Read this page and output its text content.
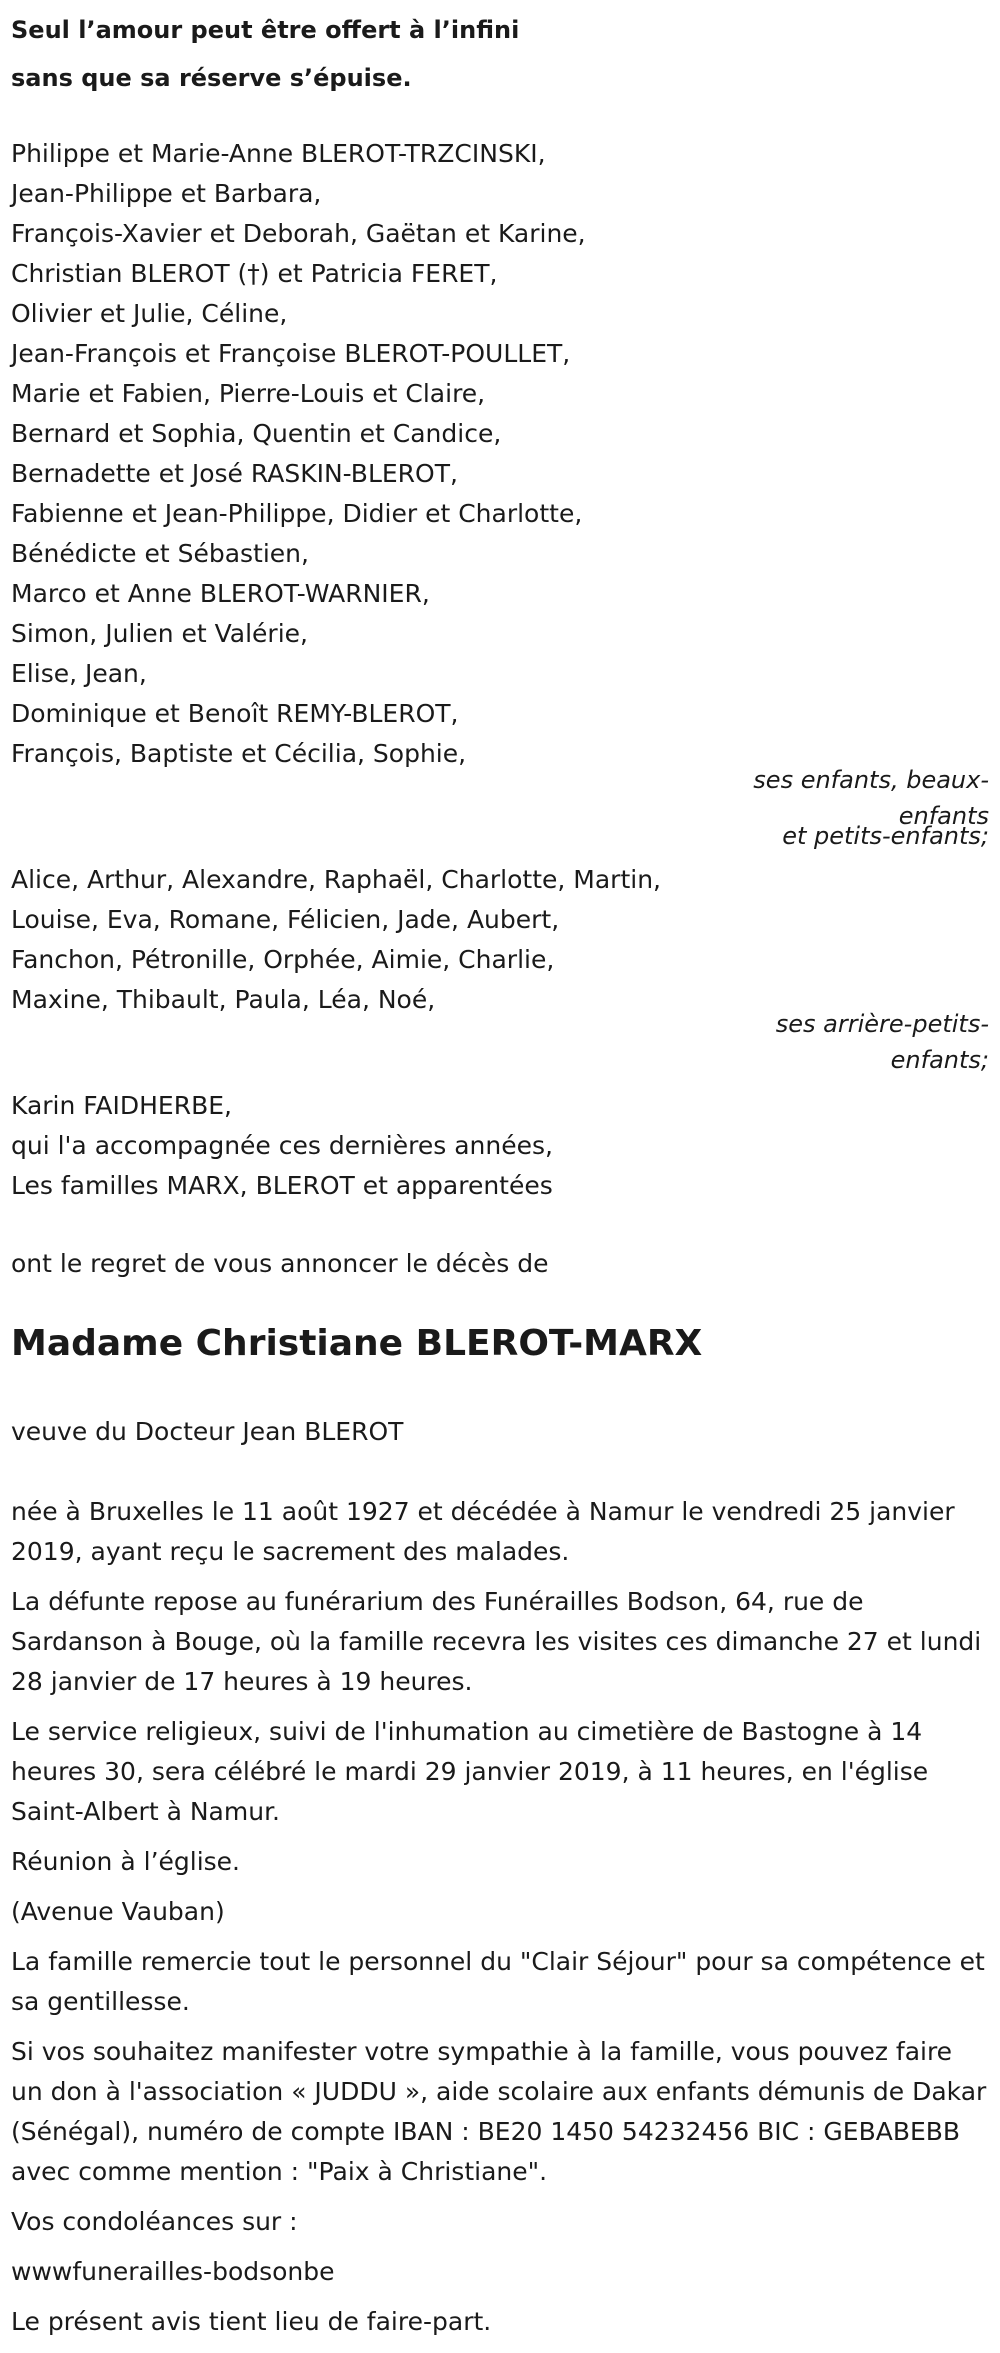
Seul l’amour peut être offert à l’infini
sans que sa réserve s’épuise.
Philippe et Marie-Anne BLEROT-TRZCINSKI,
Jean-Philippe et Barbara,
François-Xavier et Deborah, Gaëtan et Karine,
Christian BLEROT (†) et Patricia FERET,
Olivier et Julie, Céline,
Jean-François et Françoise BLEROT-POULLET,
Marie et Fabien, Pierre-Louis et Claire,
Bernard et Sophia, Quentin et Candice,
Bernadette et José RASKIN-BLEROT,
Fabienne et Jean-Philippe, Didier et Charlotte,
Bénédicte et Sébastien,
Marco et Anne BLEROT-WARNIER,
Simon, Julien et Valérie,
Elise, Jean,
Dominique et Benoît REMY-BLEROT,
François, Baptiste et Cécilia, Sophie,
ses enfants, beaux-enfants
et petits-enfants;
Alice, Arthur, Alexandre, Raphaël, Charlotte, Martin,
Louise, Eva, Romane, Félicien, Jade, Aubert,
Fanchon, Pétronille, Orphée, Aimie, Charlie,
Maxine, Thibault, Paula, Léa, Noé,
ses arrière-petits-enfants;
Karin FAIDHERBE,
qui l'a accompagnée ces dernières années,
Les familles MARX, BLEROT et apparentées
ont le regret de vous annoncer le décès de
Madame Christiane BLEROT-MARX
veuve du Docteur Jean BLEROT

née à Bruxelles le 11 août 1927 et décédée à Namur le vendredi 25 janvier 2019, ayant reçu le sacrement des malades.

La défunte repose au funérarium des Funérailles Bodson, 64, rue de Sardanson à Bouge, où la famille recevra les visites ces dimanche 27 et lundi 28 janvier de 17 heures à 19 heures.

Le service religieux, suivi de l'inhumation au cimetière de Bastogne à 14 heures 30, sera célébré le mardi 29 janvier 2019, à 11 heures, en l'église Saint-Albert à Namur.

Réunion à l’église.

(Avenue Vauban)

La famille remercie tout le personnel du "Clair Séjour" pour sa compétence et sa gentillesse.

Si vos souhaitez manifester votre sympathie à la famille, vous pouvez faire un don à l'association « JUDDU », aide scolaire aux enfants démunis de Dakar (Sénégal), numéro de compte IBAN : BE20 1450 54232456 BIC : GEBABEBB avec comme mention : "Paix à Christiane".

Vos condoléances sur :

wwwfunerailles-bodsonbe

Le présent avis tient lieu de faire-part.
